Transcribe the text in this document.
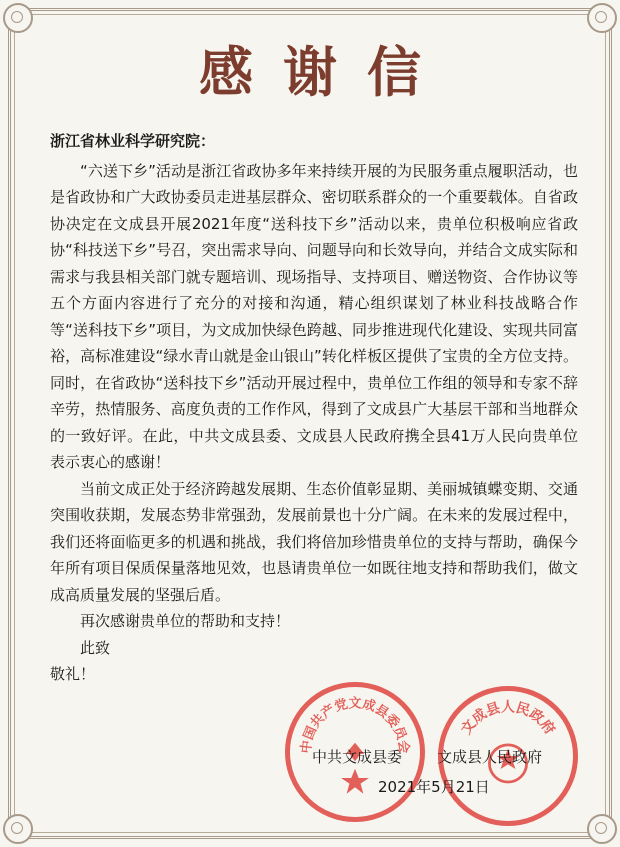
感谢信
浙江省林业科学研究院：

“六送下乡”活动是浙江省政协多年来持续开展的为民服务重点履职活动，也是省政协和广大政协委员走进基层群众、密切联系群众的一个重要载体。自省政协决定在文成县开展2021年度“送科技下乡”活动以来，贵单位积极响应省政协“科技送下乡”号召，突出需求导向、问题导向和长效导向，并结合文成实际和需求与我县相关部门就专题培训、现场指导、支持项目、赠送物资、合作协议等五个方面内容进行了充分的对接和沟通，精心组织谋划了林业科技战略合作等“送科技下乡”项目，为文成加快绿色跨越、同步推进现代化建设、实现共同富裕，高标准建设“绿水青山就是金山银山”转化样板区提供了宝贵的全方位支持。同时，在省政协“送科技下乡”活动开展过程中，贵单位工作组的领导和专家不辞辛劳，热情服务、高度负责的工作作风，得到了文成县广大基层干部和当地群众的一致好评。在此，中共文成县委、文成县人民政府携全县41万人民向贵单位表示衷心的感谢！

当前文成正处于经济跨越发展期、生态价值彰显期、美丽城镇蝶变期、交通突围收获期，发展态势非常强劲，发展前景也十分广阔。在未来的发展过程中，我们还将面临更多的机遇和挑战，我们将倍加珍惜贵单位的支持与帮助，确保今年所有项目保质保量落地见效，也恳请贵单位一如既往地支持和帮助我们，做文成高质量发展的坚强后盾。

再次感谢贵单位的帮助和支持！

此致

敬礼！

中国共产党文成县委员会
文成县人民政府
中共文成县委 文成县人民政府
2021年5月21日
